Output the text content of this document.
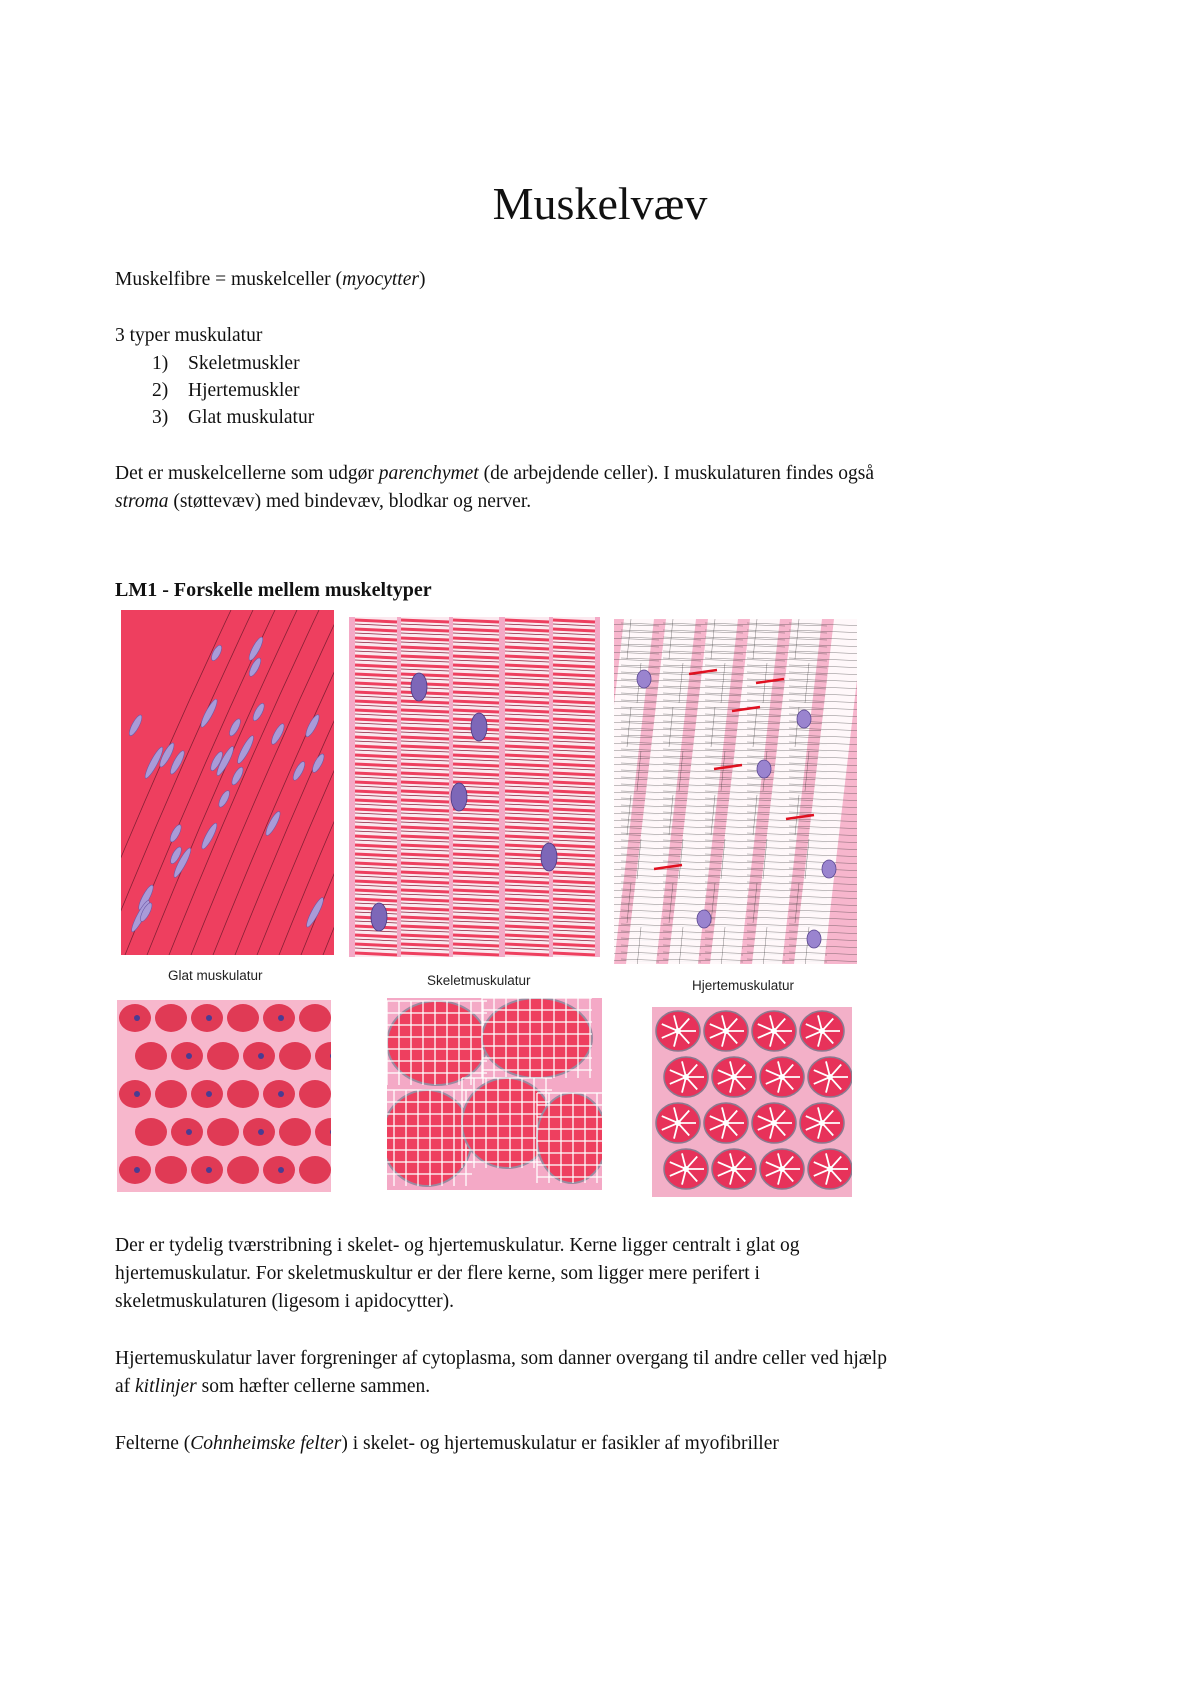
Muskelvæv
Muskelfibre = muskelceller (myocytter)
3 typer muskulatur
1) Skeletmuskler
2) Hjertemuskler
3) Glat muskulatur
Det er muskelcellerne som udgør parenchymet (de arbejdende celler). I muskulaturen findes også
stroma (støttevæv) med bindevæv, blodkar og nerver.
LM1 - Forskelle mellem muskeltyper
Glat muskulatur	Skeletmuskulatur	Hjertemuskulatur
Der er tydelig tværstribning i skelet- og hjertemuskulatur. Kerne ligger centralt i glat og
hjertemuskulatur. For skeletmuskultur er der flere kerne, som ligger mere perifert i
skeletmuskulaturen (ligesom i apidocytter).
Hjertemuskulatur laver forgreninger af cytoplasma, som danner overgang til andre celler ved hjælp
af kitlinjer som hæfter cellerne sammen.
Felterne (Cohnheimske felter) i skelet- og hjertemuskulatur er fasikler af myofibriller
